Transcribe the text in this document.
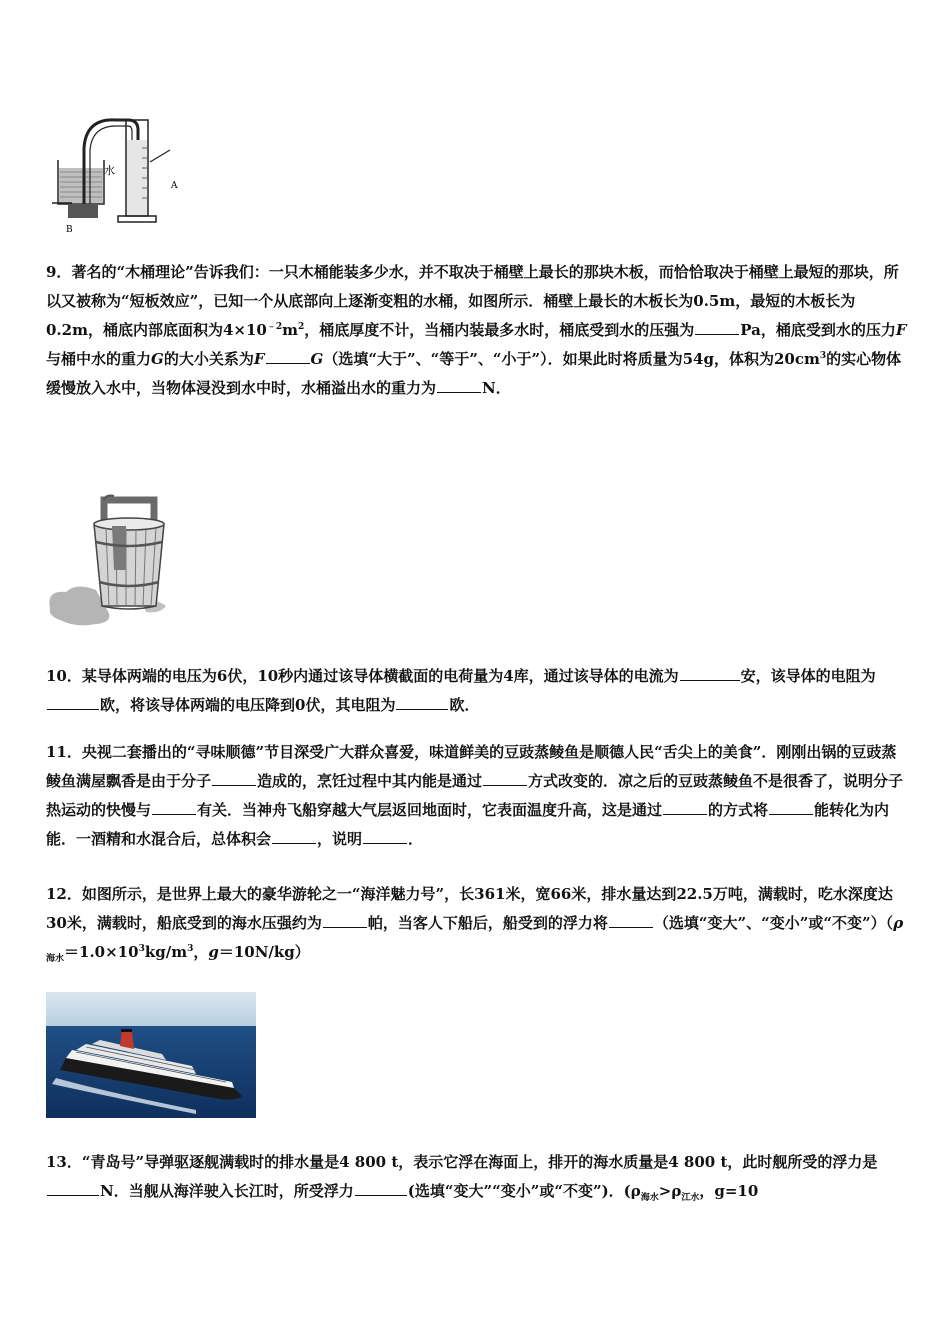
水
A
B
9．著名的“木桶理论”告诉我们：一只木桶能装多少水，并不取决于桶壁上最长的那块木板，而恰恰取决于桶壁上最短的那块，所以又被称为“短板效应”，已知一个从底部向上逐渐变粗的水桶，如图所示．桶壁上最长的木板长为0.5m，最短的木板长为0.2m，桶底内部底面积为$4\times 10^{﹣2}m^2$，桶底厚度不计，当桶内装最多水时，桶底受到水的压强为	Pa，桶底受到水的压力F与桶中水的重力G的大小关系为F	G（选填“大于”、“等于”、“小于”）．如果此时将质量为54g，体积为$20cm^3$的实心物体缓慢放入水中，当物体浸没到水中时，水桶溢出水的重力为	N．
10．某导体两端的电压为6伏，10秒内通过该导体横截面的电荷量为4库，通过该导体的电流为	安，该导体的电阻为欧，将该导体两端的电压降到0伏，其电阻为	欧．
11．央视二套播出的“寻味顺德”节目深受广大群众喜爱，味道鲜美的豆豉蒸鲮鱼是顺德人民“舌尖上的美食”．刚刚出锅的豆豉蒸鲮鱼满屋飘香是由于分子	造成的，烹饪过程中其内能是通过	方式改变的．凉之后的豆豉蒸鲮鱼不是很香了，说明分子热运动的快慢与	有关．当神舟飞船穿越大气层返回地面时，它表面温度升高，这是通过	的方式将	能转化为内能．一酒精和水混合后，总体积会	，说明	．
12．如图所示，是世界上最大的豪华游轮之一“海洋魅力号”，长361米，宽66米，排水量达到22.5万吨，满载时，吃水深度达30米，满载时，船底受到的海水压强约为	帕，当客人下船后，船受到的浮力将	（选填“变大”、“变小”或“不变$”)(\rho_{海水}=1.0\times 10^3kg/m^3$，g＝10N/kg）
13．“青岛号”导弹驱逐舰满载时的排水量是4 800 t，表示它浮在海面上，排开的海水质量是4 800 t，此时舰所受的浮力是N．当舰从海洋驶入长江时，所受浮力	(选填“变大”“变小”或“不变”)．($\rho_{海水}>\rho_{江水}$，g=10
